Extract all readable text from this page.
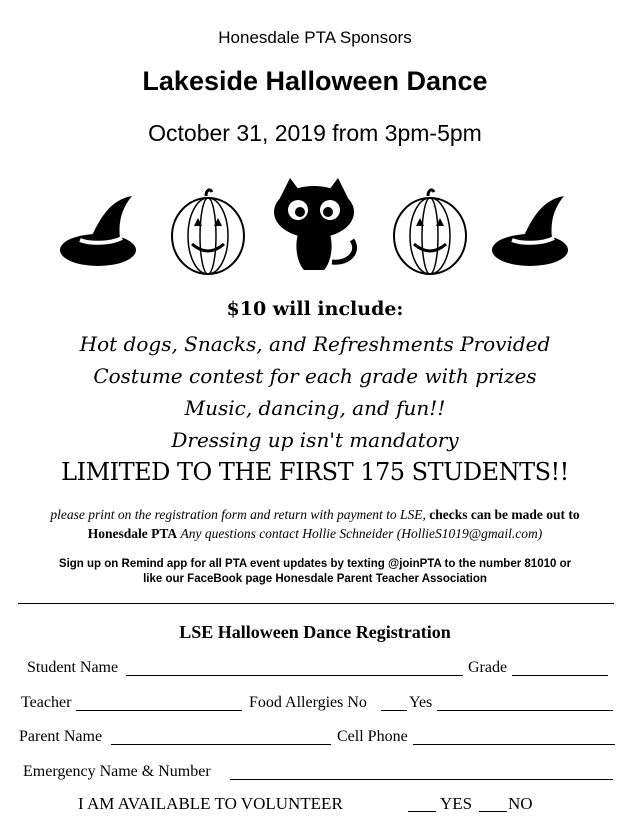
Honesdale PTA Sponsors
Lakeside Halloween Dance
October 31, 2019 from 3pm-5pm
$10 will include:
Hot dogs, Snacks, and Refreshments Provided
Costume contest for each grade with prizes
Music, dancing, and fun!!
Dressing up isn't mandatory
LIMITED TO THE FIRST 175 STUDENTS!!
please print on the registration form and return with payment to LSE, checks can be made out to
Honesdale PTA Any questions contact Hollie Schneider (HollieS1019@gmail.com)
Sign up on Remind app for all PTA event updates by texting @joinPTA to the number 81010 or
like our FaceBook page Honesdale Parent Teacher Association
LSE Halloween Dance Registration
Student Name	Grade
Teacher	Food Allergies No	Yes
Parent Name	Cell Phone
Emergency Name & Number
I AM AVAILABLE TO VOLUNTEER	YES NO
